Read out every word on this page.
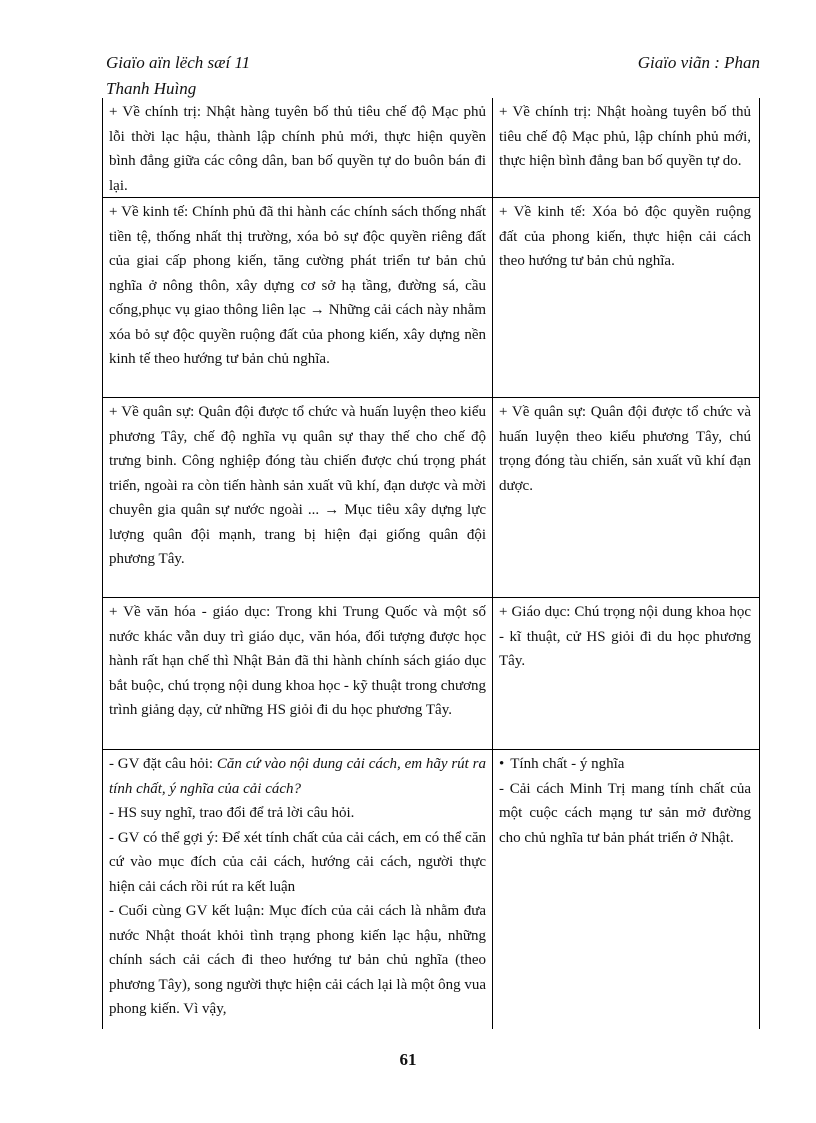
Giaïo aïn lëch sæí 11
Thanh Huìng
Giaïo viãn : Phan
+ Về chính trị: Nhật hàng tuyên bố thủ tiêu chế độ Mạc phủ lỗi thời lạc hậu, thành lập chính phủ mới, thực hiện quyền bình đẳng giữa các công dân, ban bố quyền tự do buôn bán đi lại.
+ Về chính trị: Nhật hoàng tuyên bố thủ tiêu chế độ Mạc phủ, lập chính phủ mới, thực hiện bình đẳng ban bố quyền tự do.
+ Về kinh tế: Chính phủ đã thi hành các chính sách thống nhất tiền tệ, thống nhất thị trường, xóa bỏ sự độc quyền riêng đất của giai cấp phong kiến, tăng cường phát triển tư bản chủ nghĩa ở nông thôn, xây dựng cơ sở hạ tầng, đường sá, cầu cống,phục vụ giao thông liên lạc → Những cải cách này nhằm xóa bỏ sự độc quyền ruộng đất của phong kiến, xây dựng nền kinh tế theo hướng tư bản chủ nghĩa.
+ Về kinh tế: Xóa bỏ độc quyền ruộng đất của phong kiến, thực hiện cải cách theo hướng tư bản chủ nghĩa.
+ Về quân sự: Quân đội được tổ chức và huấn luyện theo kiểu phương Tây, chế độ nghĩa vụ quân sự thay thế cho chế độ trưng binh. Công nghiệp đóng tàu chiến được chú trọng phát triển, ngoài ra còn tiến hành sản xuất vũ khí, đạn dược và mời chuyên gia quân sự nước ngoài ... → Mục tiêu xây dựng lực lượng quân đội mạnh, trang bị hiện đại giống quân đội phương Tây.
+ Về quân sự: Quân đội được tổ chức và huấn luyện theo kiểu phương Tây, chú trọng đóng tàu chiến, sản xuất vũ khí đạn dược.
+ Về văn hóa - giáo dục: Trong khi Trung Quốc và một số nước khác vẫn duy trì giáo dục, văn hóa, đối tượng được học hành rất hạn chế thì Nhật Bản đã thi hành chính sách giáo dục bắt buộc, chú trọng nội dung khoa học - kỹ thuật trong chương trình giảng dạy, cử những HS giỏi đi du học phương Tây.
+ Giáo dục: Chú trọng nội dung khoa học - kĩ thuật, cử HS giỏi đi du học phương Tây.

- GV đặt câu hỏi: Căn cứ vào nội dung cải cách, em hãy rút ra tính chất, ý nghĩa của cải cách?

- HS suy nghĩ, trao đổi để trả lời câu hỏi.

- GV có thể gợi ý: Để xét tính chất của cải cách, em có thể căn cứ vào mục đích của cải cách, hướng cải cách, người thực hiện cải cách rồi rút ra kết luận

- Cuối cùng GV kết luận: Mục đích của cải cách là nhằm đưa nước Nhật thoát khỏi tình trạng phong kiến lạc hậu, những chính sách cải cách đi theo hướng tư bản chủ nghĩa (theo phương Tây), song người thực hiện cải cách lại là một ông vua phong kiến. Vì vậy,

• Tính chất - ý nghĩa

- Cải cách Minh Trị mang tính chất của một cuộc cách mạng tư sản mở đường cho chủ nghĩa tư bản phát triển ở Nhật.

61
